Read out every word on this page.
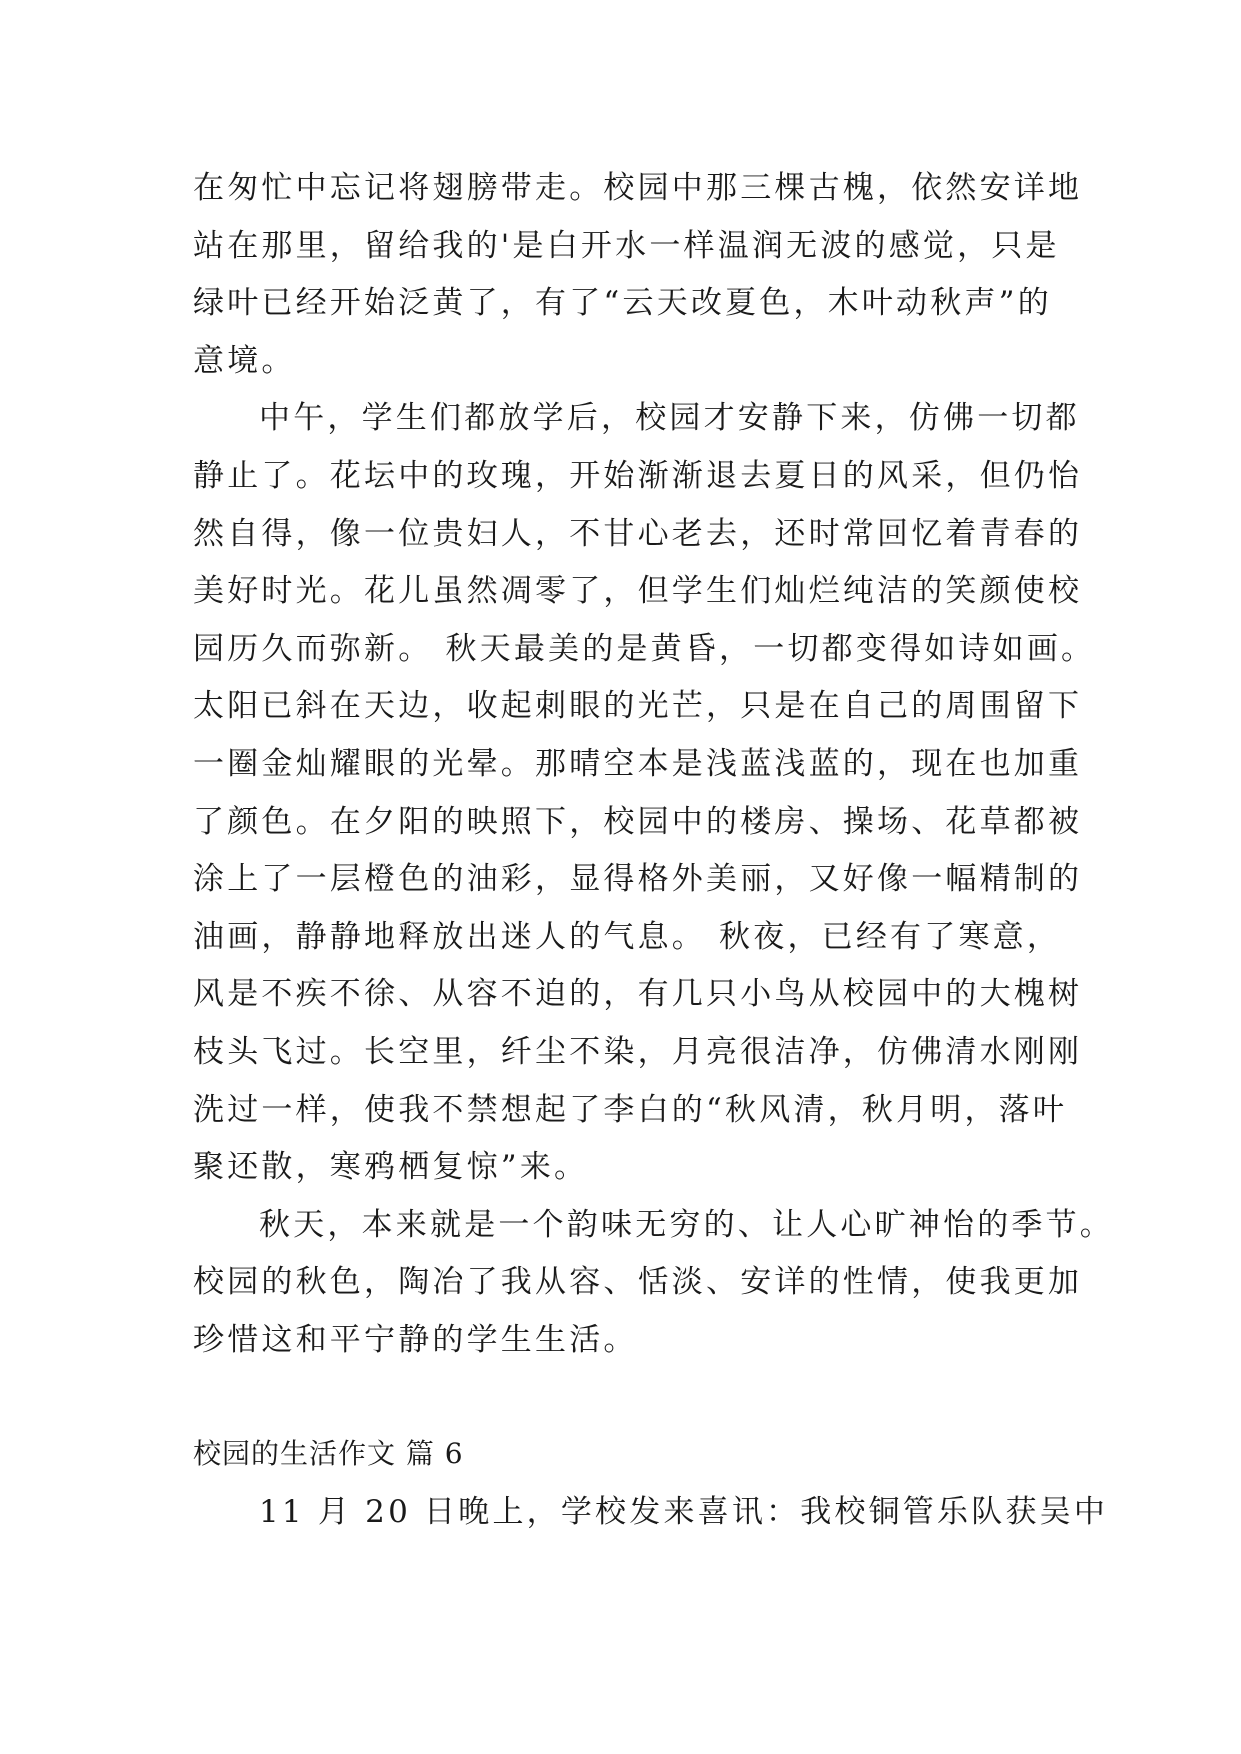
在匆忙中忘记将翅膀带走。校园中那三棵古槐，依然安详地
站在那里，留给我的'是白开水一样温润无波的感觉，只是
绿叶已经开始泛黄了，有了“云天改夏色，木叶动秋声”的
意境。
中午，学生们都放学后，校园才安静下来，仿佛一切都
静止了。花坛中的玫瑰，开始渐渐退去夏日的风采，但仍怡
然自得，像一位贵妇人，不甘心老去，还时常回忆着青春的
美好时光。花儿虽然凋零了，但学生们灿烂纯洁的笑颜使校
园历久而弥新。 秋天最美的是黄昏，一切都变得如诗如画。
太阳已斜在天边，收起刺眼的光芒，只是在自己的周围留下
一圈金灿耀眼的光晕。那晴空本是浅蓝浅蓝的，现在也加重
了颜色。在夕阳的映照下，校园中的楼房、操场、花草都被
涂上了一层橙色的油彩，显得格外美丽，又好像一幅精制的
油画，静静地释放出迷人的气息。 秋夜，已经有了寒意，
风是不疾不徐、从容不迫的，有几只小鸟从校园中的大槐树
枝头飞过。长空里，纤尘不染，月亮很洁净，仿佛清水刚刚
洗过一样，使我不禁想起了李白的“秋风清，秋月明，落叶
聚还散，寒鸦栖复惊”来。
秋天，本来就是一个韵味无穷的、让人心旷神怡的季节。
校园的秋色，陶冶了我从容、恬淡、安详的性情，使我更加
珍惜这和平宁静的学生生活。
校园的生活作文 篇 6
11 月 20 日晚上，学校发来喜讯：我校铜管乐队获吴中
